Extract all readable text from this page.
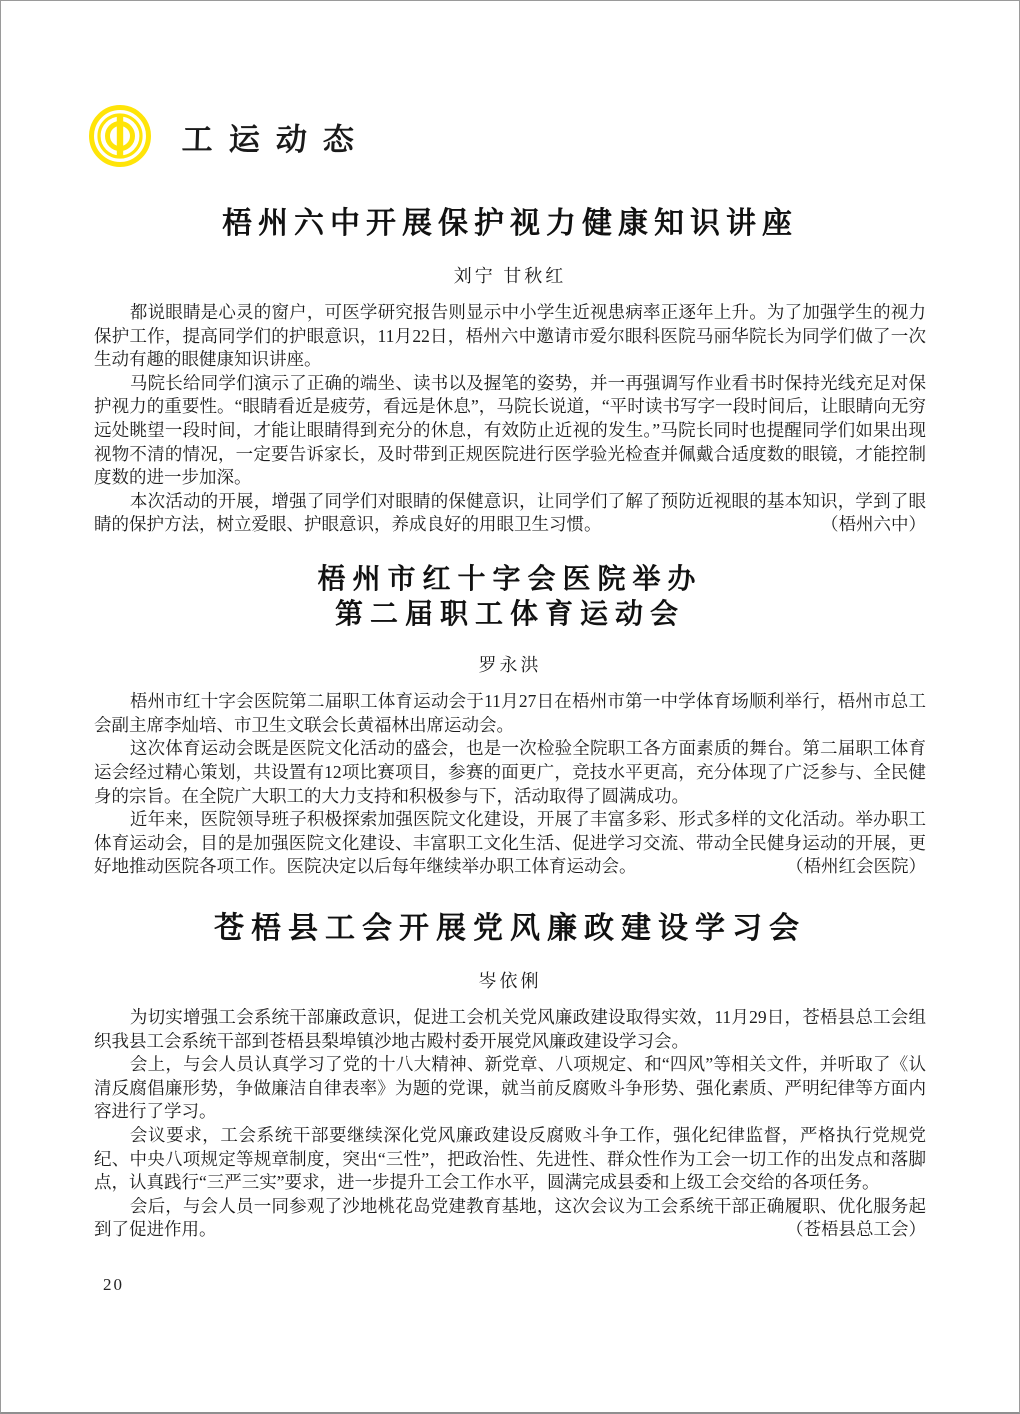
工运动态
梧州六中开展保护视力健康知识讲座
刘宁 甘秋红

都说眼睛是心灵的窗户，可医学研究报告则显示中小学生近视患病率正逐年上升。为了加强学生的视力保护工作，提高同学们的护眼意识，11月22日，梧州六中邀请市爱尔眼科医院马丽华院长为同学们做了一次生动有趣的眼健康知识讲座。

马院长给同学们演示了正确的端坐、读书以及握笔的姿势，并一再强调写作业看书时保持光线充足对保护视力的重要性。“眼睛看近是疲劳，看远是休息”，马院长说道，“平时读书写字一段时间后，让眼睛向无穷远处眺望一段时间，才能让眼睛得到充分的休息，有效防止近视的发生。”马院长同时也提醒同学们如果出现视物不清的情况，一定要告诉家长，及时带到正规医院进行医学验光检查并佩戴合适度数的眼镜，才能控制度数的进一步加深。

本次活动的开展，增强了同学们对眼睛的保健意识，让同学们了解了预防近视眼的基本知识，学到了眼睛的保护方法，树立爱眼、护眼意识，养成良好的用眼卫生习惯。	（梧州六中）

梧州市红十字会医院举办
第二届职工体育运动会
罗永洪

梧州市红十字会医院第二届职工体育运动会于11月27日在梧州市第一中学体育场顺利举行，梧州市总工会副主席李灿培、市卫生文联会长黄福林出席运动会。

这次体育运动会既是医院文化活动的盛会，也是一次检验全院职工各方面素质的舞台。第二届职工体育运会经过精心策划，共设置有12项比赛项目，参赛的面更广，竞技水平更高，充分体现了广泛参与、全民健身的宗旨。在全院广大职工的大力支持和积极参与下，活动取得了圆满成功。

近年来，医院领导班子积极探索加强医院文化建设，开展了丰富多彩、形式多样的文化活动。举办职工体育运动会，目的是加强医院文化建设、丰富职工文化生活、促进学习交流、带动全民健身运动的开展，更好地推动医院各项工作。医院决定以后每年继续举办职工体育运动会。	（梧州红会医院）

苍梧县工会开展党风廉政建设学习会
岑依俐

为切实增强工会系统干部廉政意识，促进工会机关党风廉政建设取得实效，11月29日，苍梧县总工会组织我县工会系统干部到苍梧县梨埠镇沙地古殿村委开展党风廉政建设学习会。

会上，与会人员认真学习了党的十八大精神、新党章、八项规定、和“四风”等相关文件，并听取了《认清反腐倡廉形势，争做廉洁自律表率》为题的党课，就当前反腐败斗争形势、强化素质、严明纪律等方面内容进行了学习。

会议要求，工会系统干部要继续深化党风廉政建设反腐败斗争工作，强化纪律监督，严格执行党规党纪、中央八项规定等规章制度，突出“三性”，把政治性、先进性、群众性作为工会一切工作的出发点和落脚点，认真践行“三严三实”要求，进一步提升工会工作水平，圆满完成县委和上级工会交给的各项任务。

会后，与会人员一同参观了沙地桃花岛党建教育基地，这次会议为工会系统干部正确履职、优化服务起到了促进作用。	（苍梧县总工会）

20
